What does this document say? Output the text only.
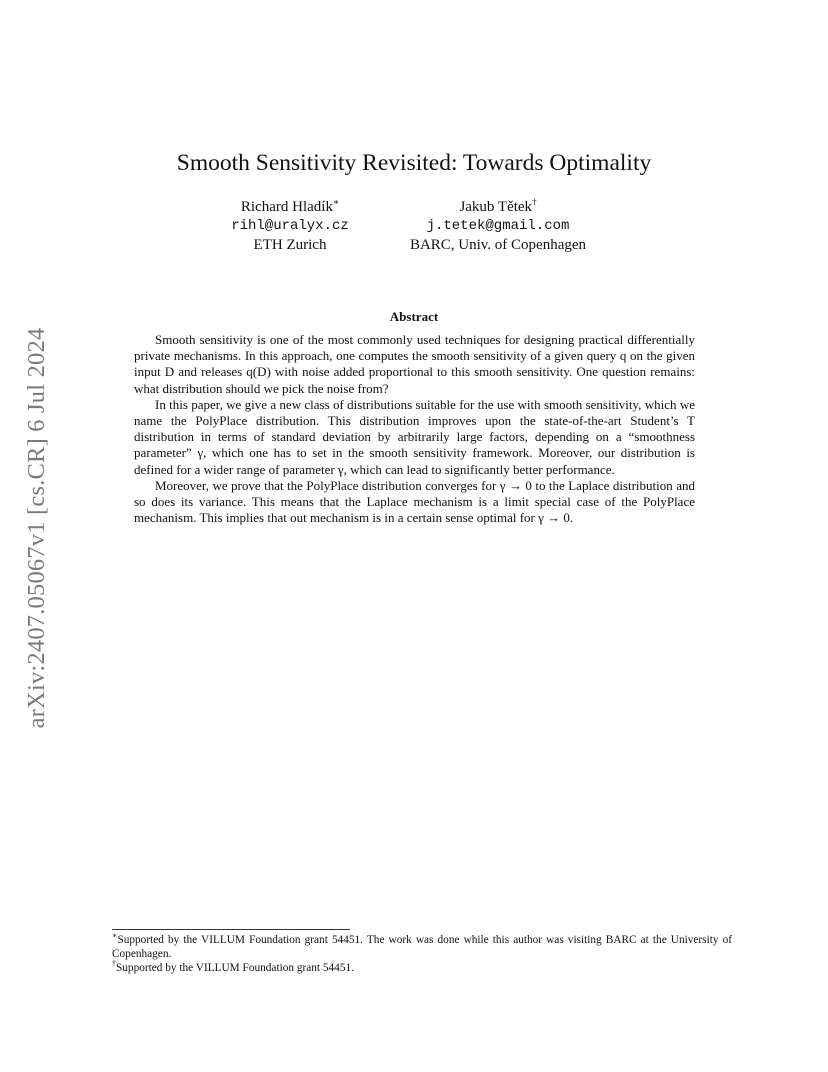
arXiv:2407.05067v1 [cs.CR] 6 Jul 2024
Smooth Sensitivity Revisited: Towards Optimality
Richard Hladík∗
rihl@uralyx.cz
ETH Zurich
Jakub Tětek†
j.tetek@gmail.com
BARC, Univ. of Copenhagen
Abstract

Smooth sensitivity is one of the most commonly used techniques for designing practical differentially private mechanisms. In this approach, one computes the smooth sensitivity of a given query q on the given input D and releases q(D) with noise added proportional to this smooth sensitivity. One question remains: what distribution should we pick the noise from?

In this paper, we give a new class of distributions suitable for the use with smooth sensitivity, which we name the PolyPlace distribution. This distribution improves upon the state-of-the-art Student’s T distribution in terms of standard deviation by arbitrarily large factors, depending on a “smoothness parameter” γ, which one has to set in the smooth sensitivity framework. Moreover, our distribution is defined for a wider range of parameter γ, which can lead to significantly better performance.

Moreover, we prove that the PolyPlace distribution converges for γ → 0 to the Laplace distribution and so does its variance. This means that the Laplace mechanism is a limit special case of the PolyPlace mechanism. This implies that out mechanism is in a certain sense optimal for γ → 0.

∗Supported by the VILLUM Foundation grant 54451. The work was done while this author was visiting BARC at the University of Copenhagen.

†Supported by the VILLUM Foundation grant 54451.
